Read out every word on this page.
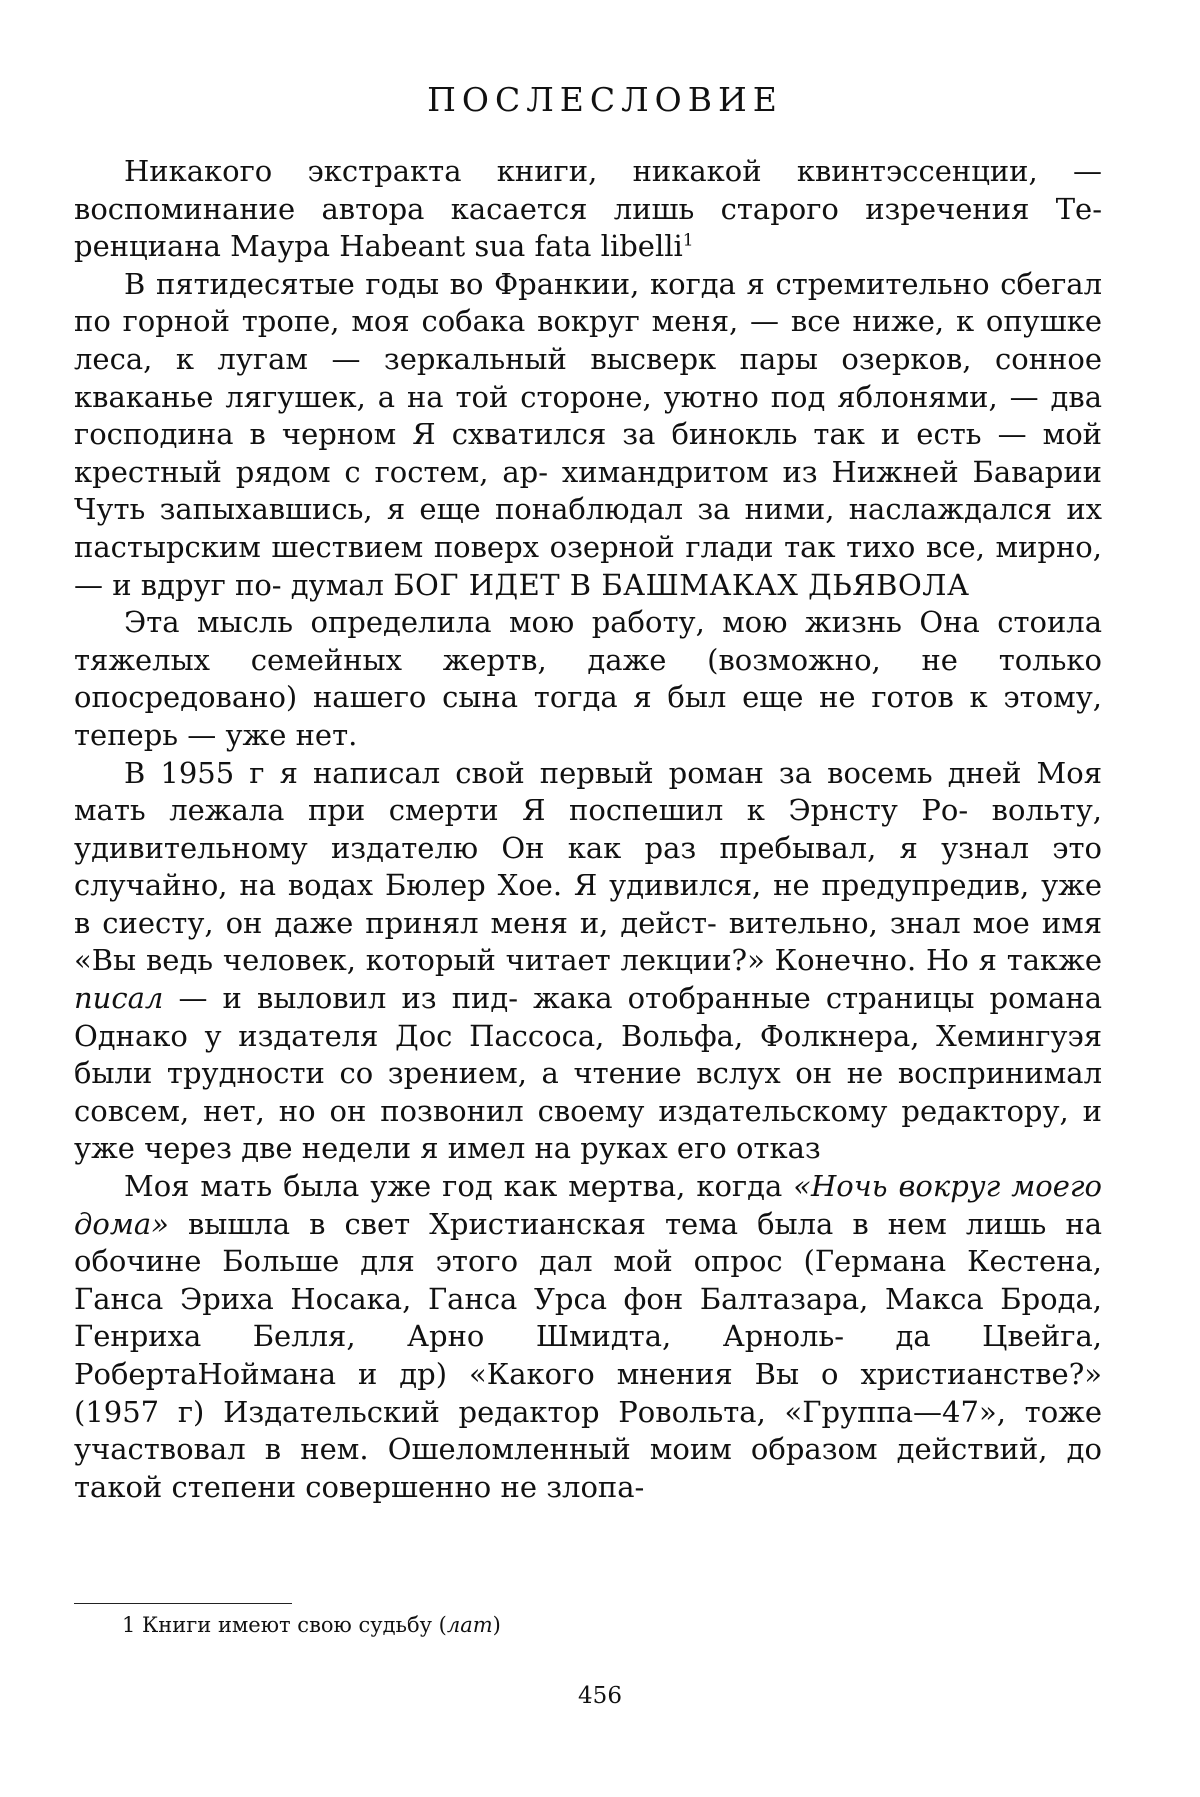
ПОСЛЕСЛОВИЕ

Никакого экстракта книги, никакой квинтэссенции, — воспоминание автора касается лишь старого изречения Те-ренциана Маура Habeant sua fata libelli$^1$

В пятидесятые годы во Франкии, когда я стремительно сбегал по горной тропе, моя собака вокруг меня, — все ниже, к опушке леса, к лугам — зеркальный высверк пары озерков, сонное кваканье лягушек, а на той стороне, уютно под яблонями, — два господина в черном Я схватился за бинокль так и есть — мой крестный рядом с гостем, ар- химандритом из Нижней Баварии Чуть запыхавшись, я еще понаблюдал за ними, наслаждался их пастырским шествием поверх озерной глади так тихо все, мирно, — и вдруг по- думал БОГ ИДЕТ В БАШМАКАХ ДЬЯВОЛА

Эта мысль определила мою работу, мою жизнь Она стоила тяжелых семейных жертв, даже (возможно, не только опосредовано) нашего сына тогда я был еще не готов к этому, теперь — уже нет.

В 1955 г я написал свой первый роман за восемь дней Моя мать лежала при смерти Я поспешил к Эрнсту Ро- вольту, удивительному издателю Он как раз пребывал, я узнал это случайно, на водах Бюлер Хое. Я удивился, не предупредив, уже в сиесту, он даже принял меня и, дейст- вительно, знал мое имя «Вы ведь человек, который читает лекции?» Конечно. Но я также писал — и выловил из пид- жака отобранные страницы романа Однако у издателя Дос Пассоса, Вольфа, Фолкнера, Хемингуэя были трудности со зрением, а чтение вслух он не воспринимал совсем, нет, но он позвонил своему издательскому редактору, и уже через две недели я имел на руках его отказ

Моя мать была уже год как мертва, когда «Ночь вокруг моего дома» вышла в свет Христианская тема была в нем лишь на обочине Больше для этого дал мой опрос (Германа Кестена, Ганса Эриха Носака, Ганса Урса фон Балтазара, Макса Брода, Генриха Белля, Арно Шмидта, Арноль- да Цвейга, РобертаНоймана и др) «Какого мнения Вы о христианстве?» (1957 г) Издательский редактор Ровольта, «Группа—47», тоже участвовал в нем. Ошеломленный моим образом действий, до такой степени совершенно не злопа-

1 Книги имеют свою судьбу (лат)
456
